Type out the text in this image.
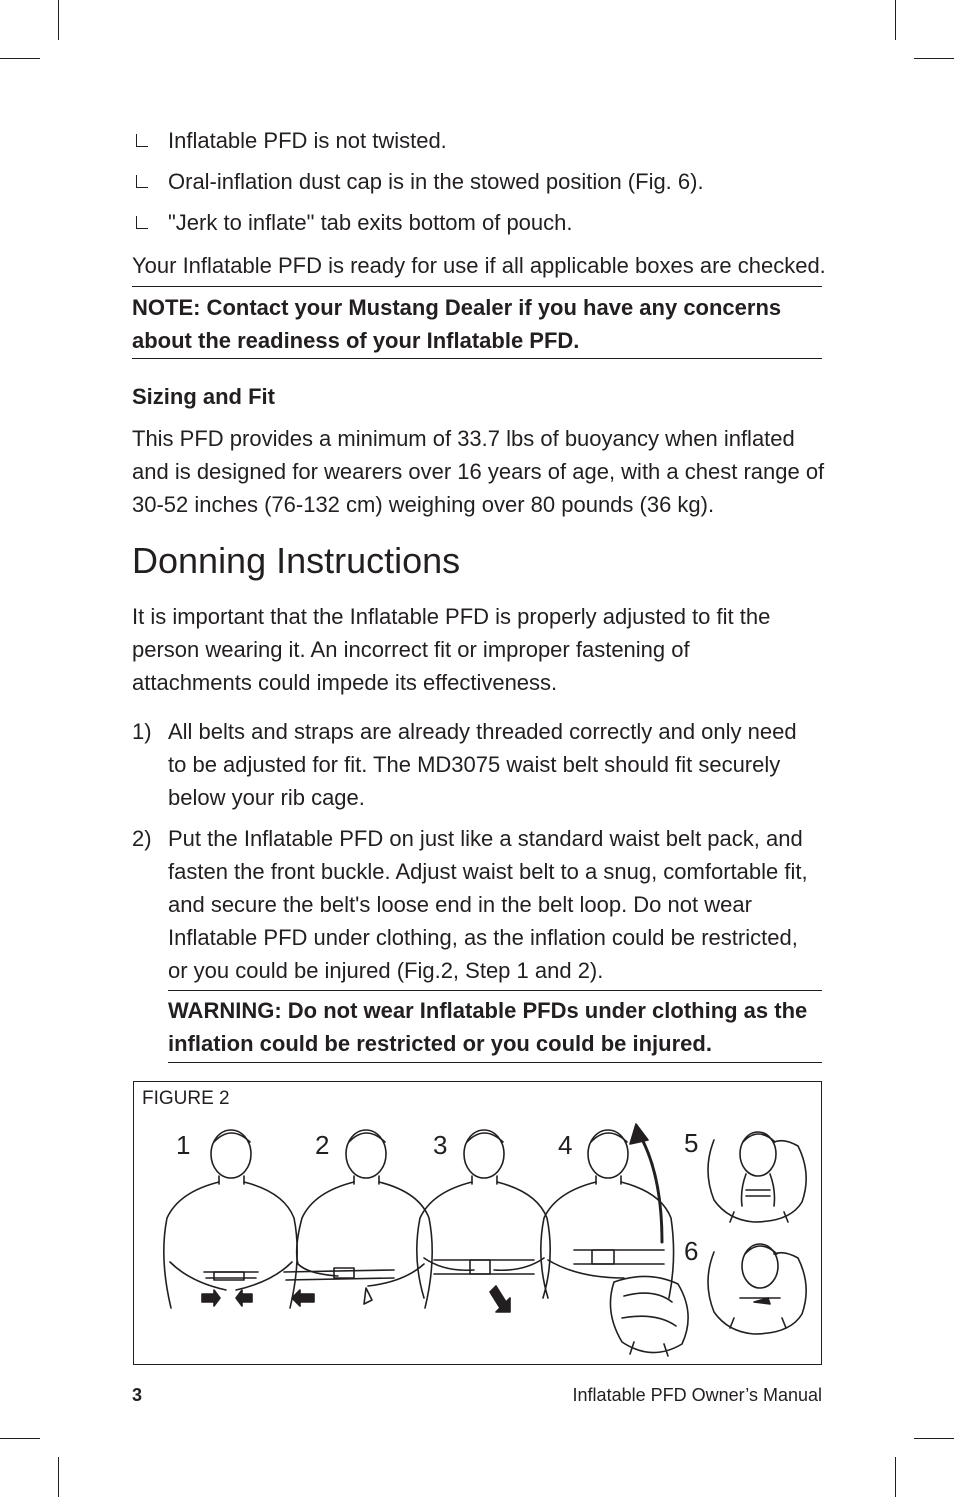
Inflatable PFD is not twisted.
Oral-inflation dust cap is in the stowed position (Fig. 6).
"Jerk to inflate" tab exits bottom of pouch.
Your Inflatable PFD is ready for use if all applicable boxes are checked.
NOTE: Contact your Mustang Dealer if you have any concerns about the readiness of your Inflatable PFD.
Sizing and Fit
This PFD provides a minimum of 33.7 lbs of buoyancy when inflated and is designed for wearers over 16 years of age, with a chest range of 30-52 inches (76-132 cm) weighing over 80 pounds (36 kg).
Donning Instructions
It is important that the Inflatable PFD is properly adjusted to fit the person wearing it. An incorrect fit or improper fastening of attachments could impede its effectiveness.
1) All belts and straps are already threaded correctly and only need to be adjusted for fit. The MD3075 waist belt should fit securely below your rib cage.
2) Put the Inflatable PFD on just like a standard waist belt pack, and fasten the front buckle. Adjust waist belt to a snug, comfortable fit, and secure the belt's loose end in the belt loop. Do not wear Inflatable PFD under clothing, as the inflation could be restricted, or you could be injured (Fig.2, Step 1 and 2).
WARNING: Do not wear Inflatable PFDs under clothing as the inflation could be restricted or you could be injured.
FIGURE 2
1	2	3	4	5
6
3	Inflatable PFD Owner’s Manual
